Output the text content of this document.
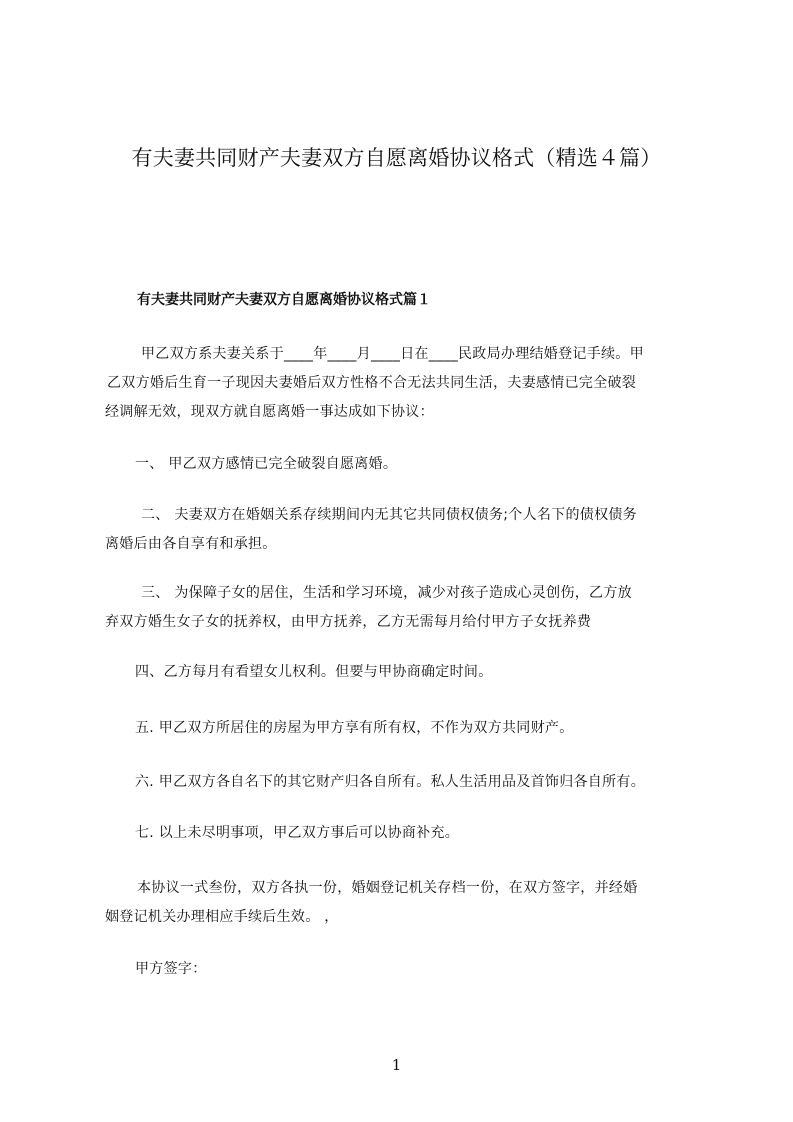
有夫妻共同财产夫妻双方自愿离婚协议格式（精选４篇）
有夫妻共同财产夫妻双方自愿离婚协议格式篇１
甲乙双方系夫妻关系于____年____月____日在____民政局办理结婚登记手续。甲
乙双方婚后生育一子现因夫妻婚后双方性格不合无法共同生活，夫妻感情已完全破裂
经调解无效，现双方就自愿离婚一事达成如下协议：
一、 甲乙双方感情已完全破裂自愿离婚。
二、 夫妻双方在婚姻关系存续期间内无其它共同债权债务;个人名下的债权债务
离婚后由各自享有和承担。
三、 为保障子女的居住，生活和学习环境，减少对孩子造成心灵创伤，乙方放
弃双方婚生女子女的抚养权，由甲方抚养，乙方无需每月给付甲方子女抚养费
四、乙方每月有看望女儿权利。但要与甲协商确定时间。
五. 甲乙双方所居住的房屋为甲方享有所有权，不作为双方共同财产。
六. 甲乙双方各自名下的其它财产归各自所有。私人生活用品及首饰归各自所有。
七. 以上未尽明事项，甲乙双方事后可以协商补充。
本协议一式叁份，双方各执一份，婚姻登记机关存档一份，在双方签字，并经婚
姻登记机关办理相应手续后生效。 ，
甲方签字：
1
